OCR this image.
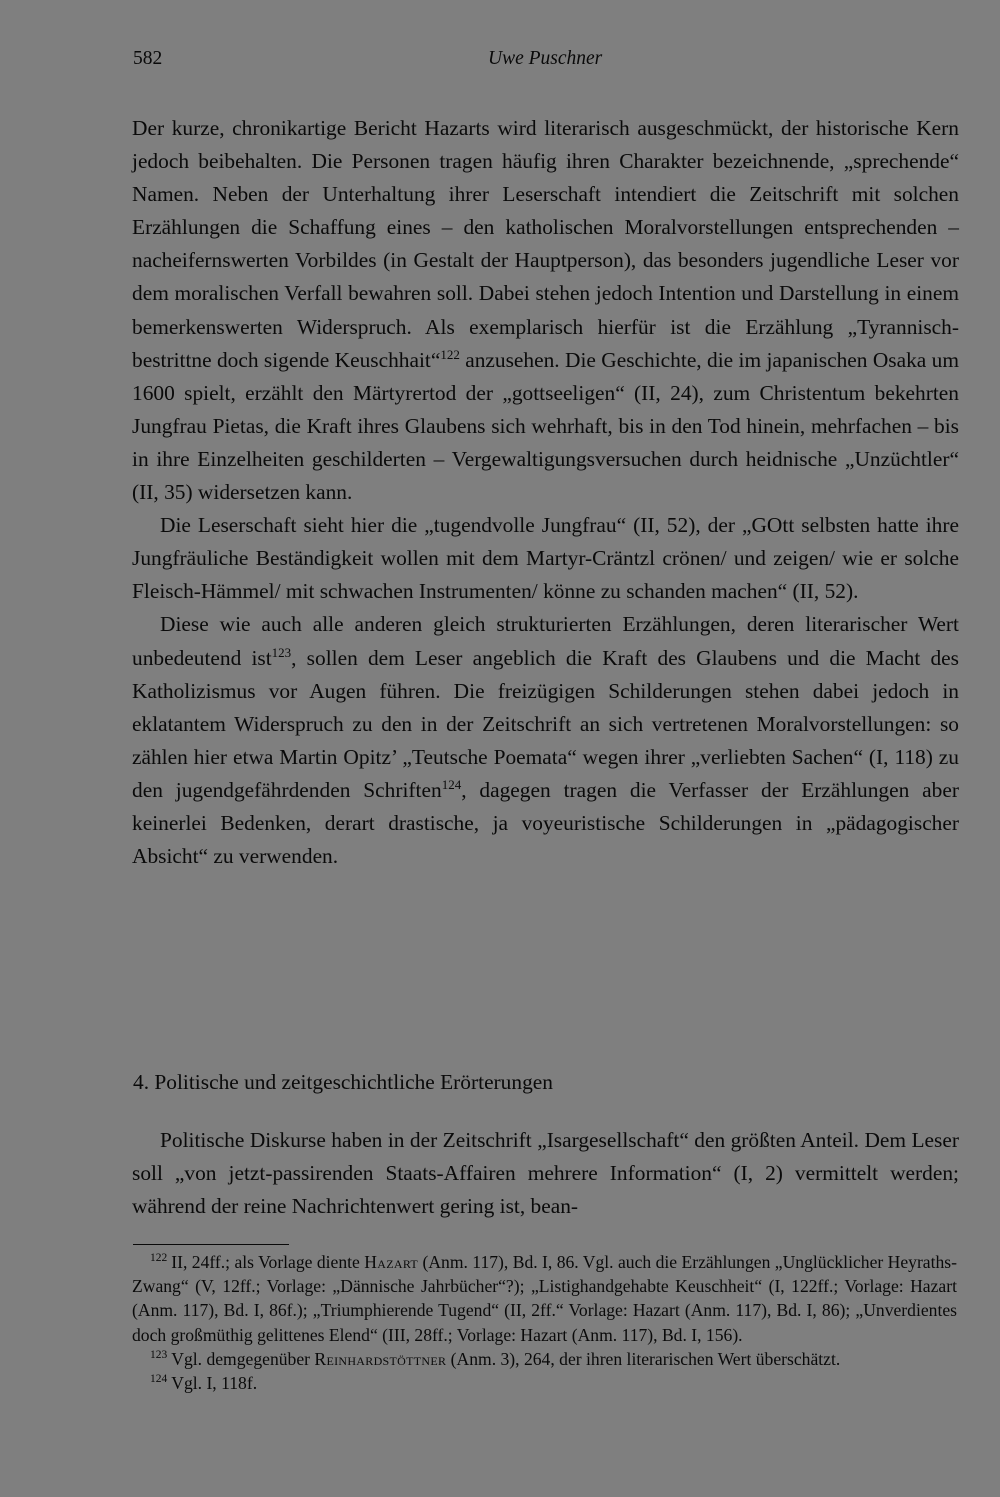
582	Uwe Puschner

Der kurze, chronikartige Bericht Hazarts wird literarisch ausgeschmückt, der historische Kern jedoch beibehalten. Die Personen tragen häufig ihren Charakter bezeichnende, „sprechende“ Namen. Neben der Unterhaltung ihrer Leserschaft intendiert die Zeitschrift mit solchen Erzählungen die Schaffung eines – den katholischen Moralvorstellungen entsprechenden – nacheifernswerten Vorbildes (in Gestalt der Hauptperson), das besonders jugendliche Leser vor dem moralischen Verfall bewahren soll. Dabei stehen jedoch Intention und Darstellung in einem bemerkenswerten Widerspruch. Als exemplarisch hierfür ist die Erzählung „Tyrannisch-bestrittne doch sigende Keuschhait“$^{122}$ anzusehen. Die Geschichte, die im japanischen Osaka um 1600 spielt, erzählt den Märtyrertod der „gottseeligen“ (II, 24), zum Christentum bekehrten Jungfrau Pietas, die Kraft ihres Glaubens sich wehrhaft, bis in den Tod hinein, mehrfachen – bis in ihre Einzelheiten geschilderten – Vergewaltigungsversuchen durch heidnische „Unzüchtler“ (II, 35) widersetzen kann.

Die Leserschaft sieht hier die „tugendvolle Jungfrau“ (II, 52), der „GOtt selbsten hatte ihre Jungfräuliche Beständigkeit wollen mit dem Martyr-Cräntzl crönen/ und zeigen/ wie er solche Fleisch-Hämmel/ mit schwachen Instrumenten/ könne zu schanden machen“ (II, 52).

Diese wie auch alle anderen gleich strukturierten Erzählungen, deren literarischer Wert unbedeutend ist$^{123}$, sollen dem Leser angeblich die Kraft des Glaubens und die Macht des Katholizismus vor Augen führen. Die freizügigen Schilderungen stehen dabei jedoch in eklatantem Widerspruch zu den in der Zeitschrift an sich vertretenen Moralvorstellungen: so zählen hier etwa Martin Opitz’ „Teutsche Poemata“ wegen ihrer „verliebten Sachen“ (I, 118) zu den jugendgefährdenden Schriften$^{124}$, dagegen tragen die Verfasser der Erzählungen aber keinerlei Bedenken, derart drastische, ja voyeuristische Schilderungen in „pädagogischer Absicht“ zu verwenden.

4. Politische und zeitgeschichtliche Erörterungen

Politische Diskurse haben in der Zeitschrift „Isargesellschaft“ den größten Anteil. Dem Leser soll „von jetzt-passirenden Staats-Affairen mehrere Information“ (I, 2) vermittelt werden; während der reine Nachrichtenwert gering ist, bean-

$^{122}$ II, 24ff.; als Vorlage diente Hazart (Anm. 117), Bd. I, 86. Vgl. auch die Erzählungen „Unglücklicher Heyraths-Zwang“ (V, 12ff.; Vorlage: „Dännische Jahrbücher“?); „Listighandgehabte Keuschheit“ (I, 122ff.; Vorlage: Hazart (Anm. 117), Bd. I, 86f.); „Triumphierende Tugend“ (II, 2ff.“ Vorlage: Hazart (Anm. 117), Bd. I, 86); „Unverdientes doch großmüthig gelittenes Elend“ (III, 28ff.; Vorlage: Hazart (Anm. 117), Bd. I, 156).

$^{123}$ Vgl. demgegenüber Reinhardstöttner (Anm. 3), 264, der ihren literarischen Wert überschätzt.

$^{124}$ Vgl. I, 118f.
